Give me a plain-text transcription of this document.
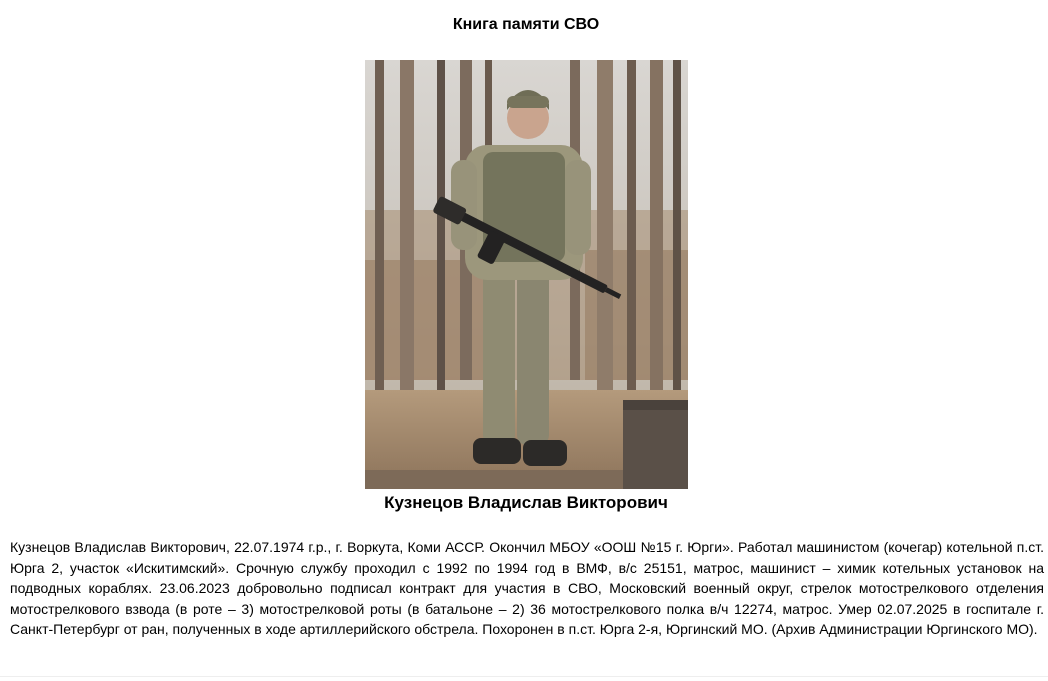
Книга памяти СВО
Кузнецов Владислав Викторович

Кузнецов Владислав Викторович, 22.07.1974 г.р., г. Воркута, Коми АССР. Окончил МБОУ «ООШ №15 г. Юрги». Работал машинистом (кочегар) котельной п.ст. Юрга 2, участок «Искитимский». Срочную службу проходил с 1992 по 1994 год в ВМФ, в/с 25151, матрос, машинист – химик котельных установок на подводных кораблях. 23.06.2023 добровольно подписал контракт для участия в СВО, Московский военный округ, стрелок мотострелкового отделения мотострелкового взвода (в роте – 3) мотострелковой роты (в батальоне – 2) 36 мотострелкового полка в/ч 12274, матрос. Умер 02.07.2025 в госпитале г. Санкт-Петербург от ран, полученных в ходе артиллерийского обстрела. Похоронен в п.ст. Юрга 2-я, Юргинский МО. (Архив Администрации Юргинского МО).
